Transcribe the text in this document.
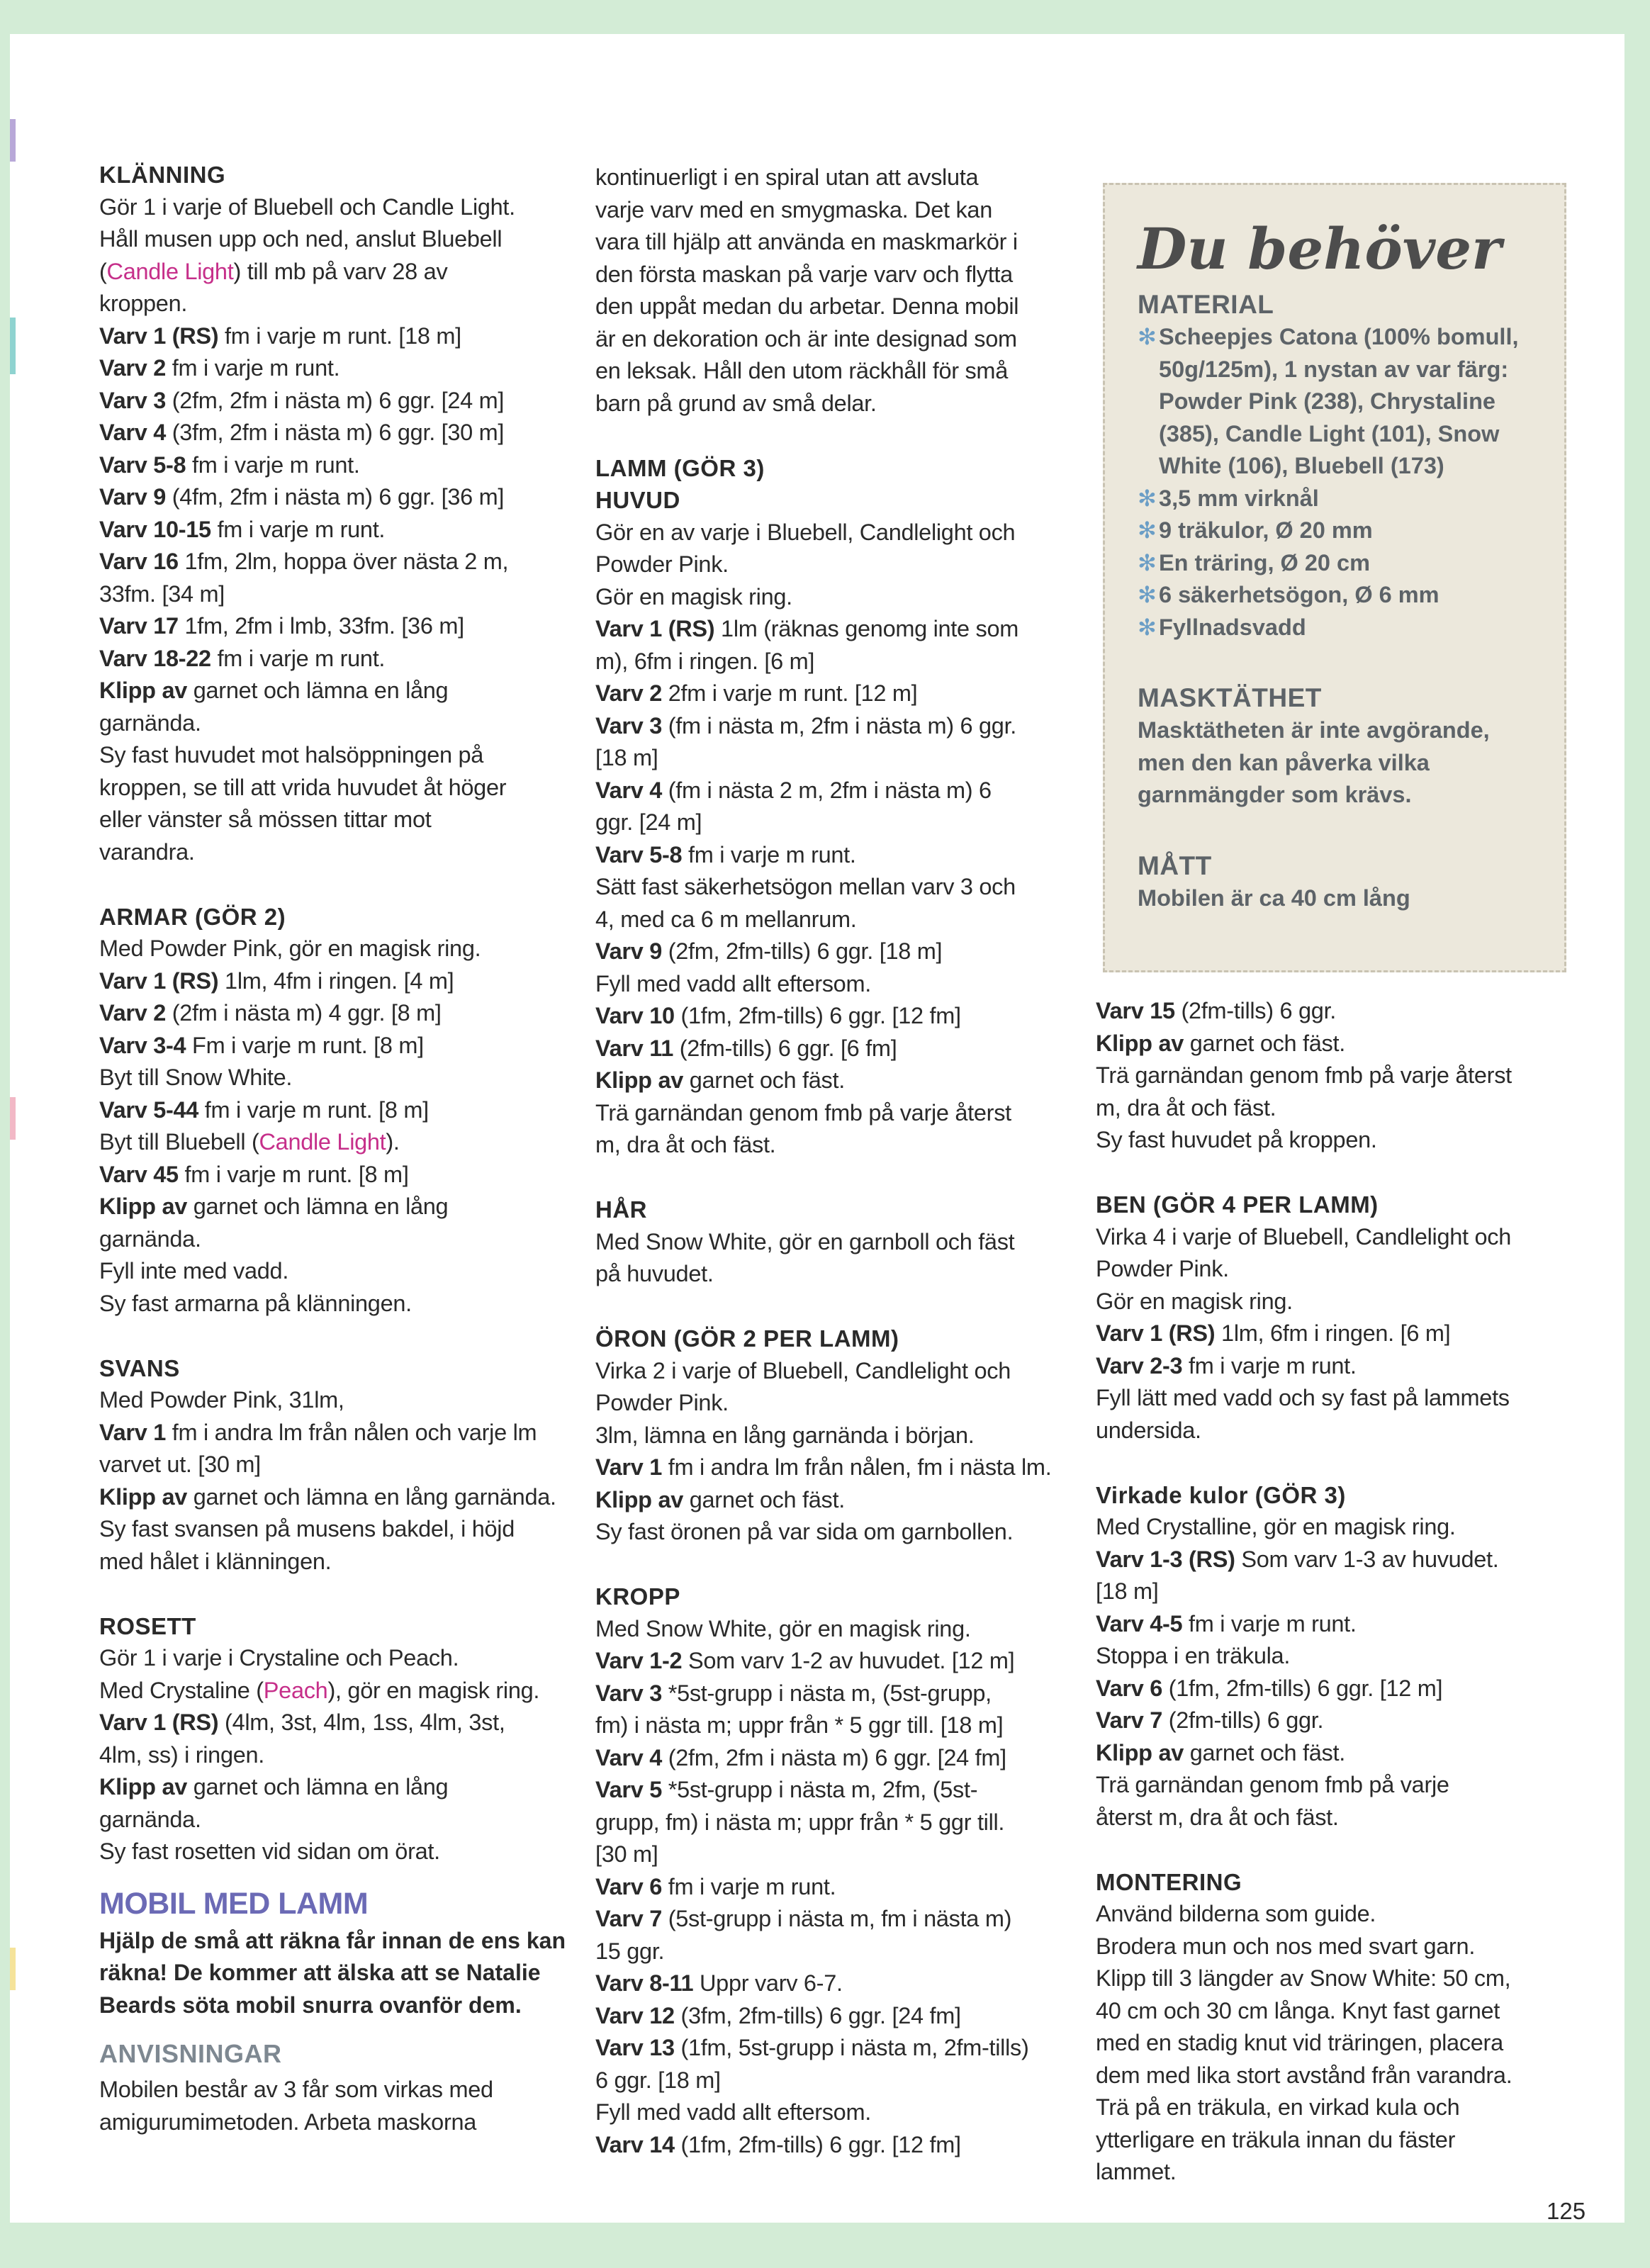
KLÄNNING

Gör 1 i varje of Bluebell och Candle Light.

Håll musen upp och ned, anslut Bluebell

(Candle Light) till mb på varv 28 av

kroppen.

Varv 1 (RS) fm i varje m runt. [18 m]

Varv 2 fm i varje m runt.

Varv 3 (2fm, 2fm i nästa m) 6 ggr. [24 m]

Varv 4 (3fm, 2fm i nästa m) 6 ggr. [30 m]

Varv 5-8 fm i varje m runt.

Varv 9 (4fm, 2fm i nästa m) 6 ggr. [36 m]

Varv 10-15 fm i varje m runt.

Varv 16 1fm, 2lm, hoppa över nästa 2 m,

33fm. [34 m]

Varv 17 1fm, 2fm i lmb, 33fm. [36 m]

Varv 18-22 fm i varje m runt.

Klipp av garnet och lämna en lång

garnända.

Sy fast huvudet mot halsöppningen på

kroppen, se till att vrida huvudet åt höger

eller vänster så mössen tittar mot

varandra.

ARMAR (GÖR 2)

Med Powder Pink, gör en magisk ring.

Varv 1 (RS) 1lm, 4fm i ringen. [4 m]

Varv 2 (2fm i nästa m) 4 ggr. [8 m]

Varv 3-4 Fm i varje m runt. [8 m]

Byt till Snow White.

Varv 5-44 fm i varje m runt. [8 m]

Byt till Bluebell (Candle Light).

Varv 45 fm i varje m runt. [8 m]

Klipp av garnet och lämna en lång

garnända.

Fyll inte med vadd.

Sy fast armarna på klänningen.

SVANS

Med Powder Pink, 31lm,

Varv 1 fm i andra lm från nålen och varje lm

varvet ut. [30 m]

Klipp av garnet och lämna en lång garnända.

Sy fast svansen på musens bakdel, i höjd

med hålet i klänningen.

ROSETT

Gör 1 i varje i Crystaline och Peach.

Med Crystaline (Peach), gör en magisk ring.

Varv 1 (RS) (4lm, 3st, 4lm, 1ss, 4lm, 3st,

4lm, ss) i ringen.

Klipp av garnet och lämna en lång

garnända.

Sy fast rosetten vid sidan om örat.

MOBIL MED LAMM

Hjälp de små att räkna får innan de ens kan

räkna! De kommer att älska att se Natalie

Beards söta mobil snurra ovanför dem.

ANVISNINGAR

Mobilen består av 3 får som virkas med

amigurumimetoden. Arbeta maskorna

kontinuerligt i en spiral utan att avsluta

varje varv med en smygmaska. Det kan

vara till hjälp att använda en maskmarkör i

den första maskan på varje varv och flytta

den uppåt medan du arbetar. Denna mobil

är en dekoration och är inte designad som

en leksak. Håll den utom räckhåll för små

barn på grund av små delar.

LAMM (GÖR 3)

HUVUD

Gör en av varje i Bluebell, Candlelight och

Powder Pink.

Gör en magisk ring.

Varv 1 (RS) 1lm (räknas genomg inte som

m), 6fm i ringen. [6 m]

Varv 2 2fm i varje m runt. [12 m]

Varv 3 (fm i nästa m, 2fm i nästa m) 6 ggr.

[18 m]

Varv 4 (fm i nästa 2 m, 2fm i nästa m) 6

ggr. [24 m]

Varv 5-8 fm i varje m runt.

Sätt fast säkerhetsögon mellan varv 3 och

4, med ca 6 m mellanrum.

Varv 9 (2fm, 2fm-tills) 6 ggr. [18 m]

Fyll med vadd allt eftersom.

Varv 10 (1fm, 2fm-tills) 6 ggr. [12 fm]

Varv 11 (2fm-tills) 6 ggr. [6 fm]

Klipp av garnet och fäst.

Trä garnändan genom fmb på varje återst

m, dra åt och fäst.

HÅR

Med Snow White, gör en garnboll och fäst

på huvudet.

ÖRON (GÖR 2 PER LAMM)

Virka 2 i varje of Bluebell, Candlelight och

Powder Pink.

3lm, lämna en lång garnända i början.

Varv 1 fm i andra lm från nålen, fm i nästa lm.

Klipp av garnet och fäst.

Sy fast öronen på var sida om garnbollen.

KROPP

Med Snow White, gör en magisk ring.

Varv 1-2 Som varv 1-2 av huvudet. [12 m]

Varv 3 *5st-grupp i nästa m, (5st-grupp,

fm) i nästa m; uppr från * 5 ggr till. [18 m]

Varv 4 (2fm, 2fm i nästa m) 6 ggr. [24 fm]

Varv 5 *5st-grupp i nästa m, 2fm, (5st-

grupp, fm) i nästa m; uppr från * 5 ggr till.

[30 m]

Varv 6 fm i varje m runt.

Varv 7 (5st-grupp i nästa m, fm i nästa m)

15 ggr.

Varv 8-11 Uppr varv 6-7.

Varv 12 (3fm, 2fm-tills) 6 ggr. [24 fm]

Varv 13 (1fm, 5st-grupp i nästa m, 2fm-tills)

6 ggr. [18 m]

Fyll med vadd allt eftersom.

Varv 14 (1fm, 2fm-tills) 6 ggr. [12 fm]

Du behöver

MATERIAL

✻ Scheepjes Catona (100% bomull,

50g/125m), 1 nystan av var färg:

Powder Pink (238), Chrystaline

(385), Candle Light (101), Snow

White (106), Bluebell (173)

✻ 3,5 mm virknål

✻ 9 träkulor, Ø 20 mm

✻ En träring, Ø 20 cm

✻ 6 säkerhetsögon, Ø 6 mm

✻ Fyllnadsvadd

MASKTÄTHET

Masktätheten är inte avgörande,

men den kan påverka vilka

garnmängder som krävs.

MÅTT

Mobilen är ca 40 cm lång

Varv 15 (2fm-tills) 6 ggr.

Klipp av garnet och fäst.

Trä garnändan genom fmb på varje återst

m, dra åt och fäst.

Sy fast huvudet på kroppen.

BEN (GÖR 4 PER LAMM)

Virka 4 i varje of Bluebell, Candlelight och

Powder Pink.

Gör en magisk ring.

Varv 1 (RS) 1lm, 6fm i ringen. [6 m]

Varv 2-3 fm i varje m runt.

Fyll lätt med vadd och sy fast på lammets

undersida.

Virkade kulor (GÖR 3)

Med Crystalline, gör en magisk ring.

Varv 1-3 (RS) Som varv 1-3 av huvudet.

[18 m]

Varv 4-5 fm i varje m runt.

Stoppa i en träkula.

Varv 6 (1fm, 2fm-tills) 6 ggr. [12 m]

Varv 7 (2fm-tills) 6 ggr.

Klipp av garnet och fäst.

Trä garnändan genom fmb på varje

återst m, dra åt och fäst.

MONTERING

Använd bilderna som guide.

Brodera mun och nos med svart garn.

Klipp till 3 längder av Snow White: 50 cm,

40 cm och 30 cm långa. Knyt fast garnet

med en stadig knut vid träringen, placera

dem med lika stort avstånd från varandra.

Trä på en träkula, en virkad kula och

ytterligare en träkula innan du fäster

lammet.

125
